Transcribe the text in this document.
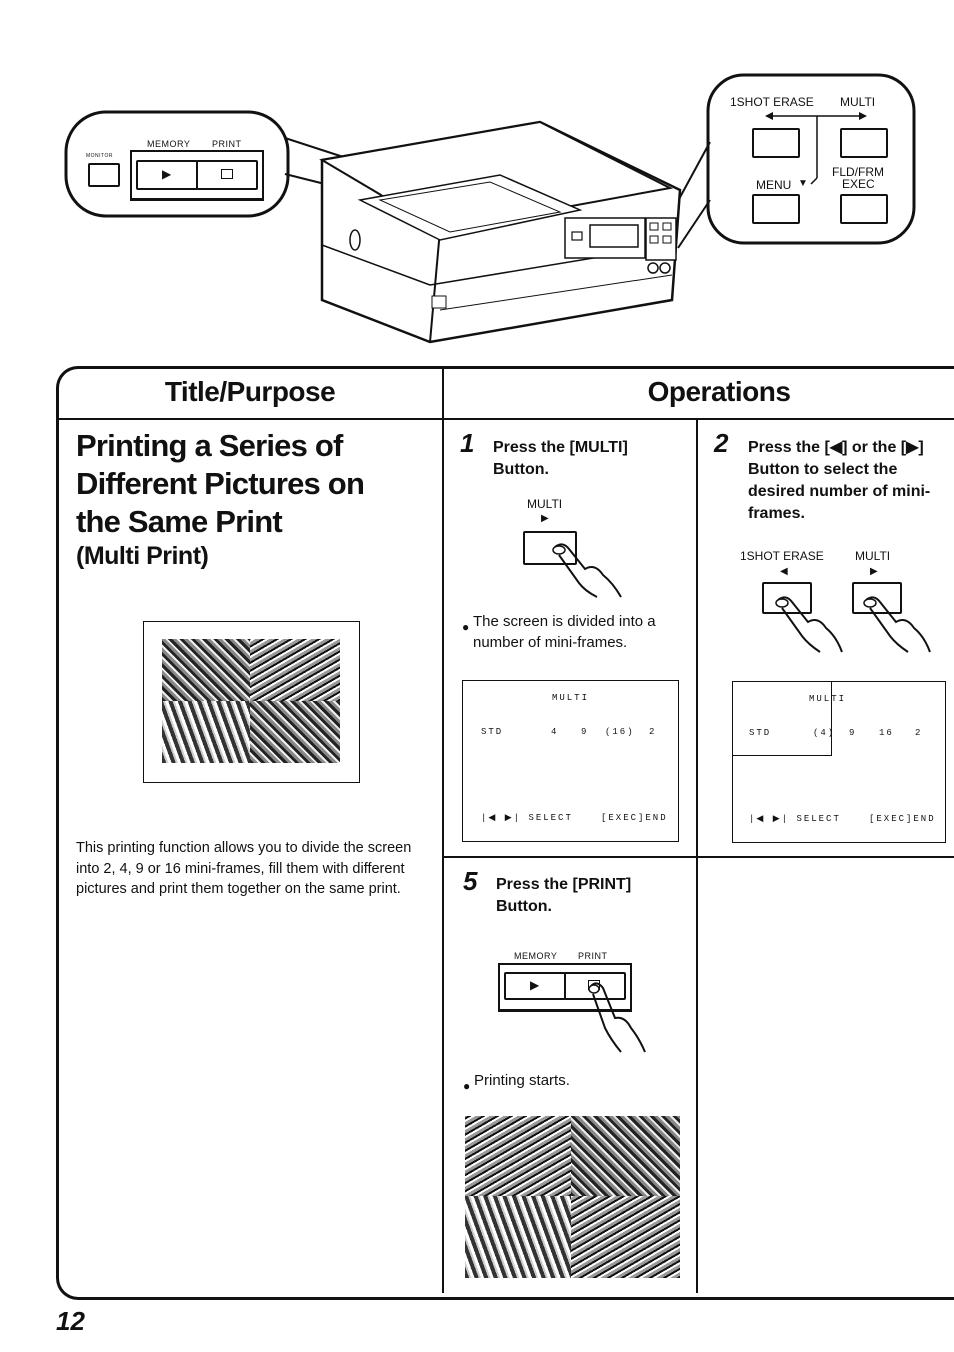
MONITOR
MEMORY PRINT
▶
1SHOT ERASE MULTI
MENU ▼
FLD/FRM
EXEC
Title/Purpose	Operations
Printing a Series of
Different Pictures on
the Same Print
(Multi Print)
This printing function allows you to divide the screen into 2, 4, 9 or 16 mini-frames, fill them with different pictures and print them together on the same print.
1 Press the [MULTI] Button.
MULTI
▶
● The screen is divided into a number of mini-frames.
MULTI
STD	4	9 (16) 2
|◀ ▶| SELECT	[EXEC]END
2 Press the [◀] or the [▶] Button to select the desired number of mini-frames.
1SHOT ERASE	MULTI
◀	▶
MULTI
STD	(4) 9	16 2
|◀ ▶| SELECT	[EXEC]END
5 Press the [PRINT] Button.
MEMORY PRINT
▶
● Printing starts.
12
